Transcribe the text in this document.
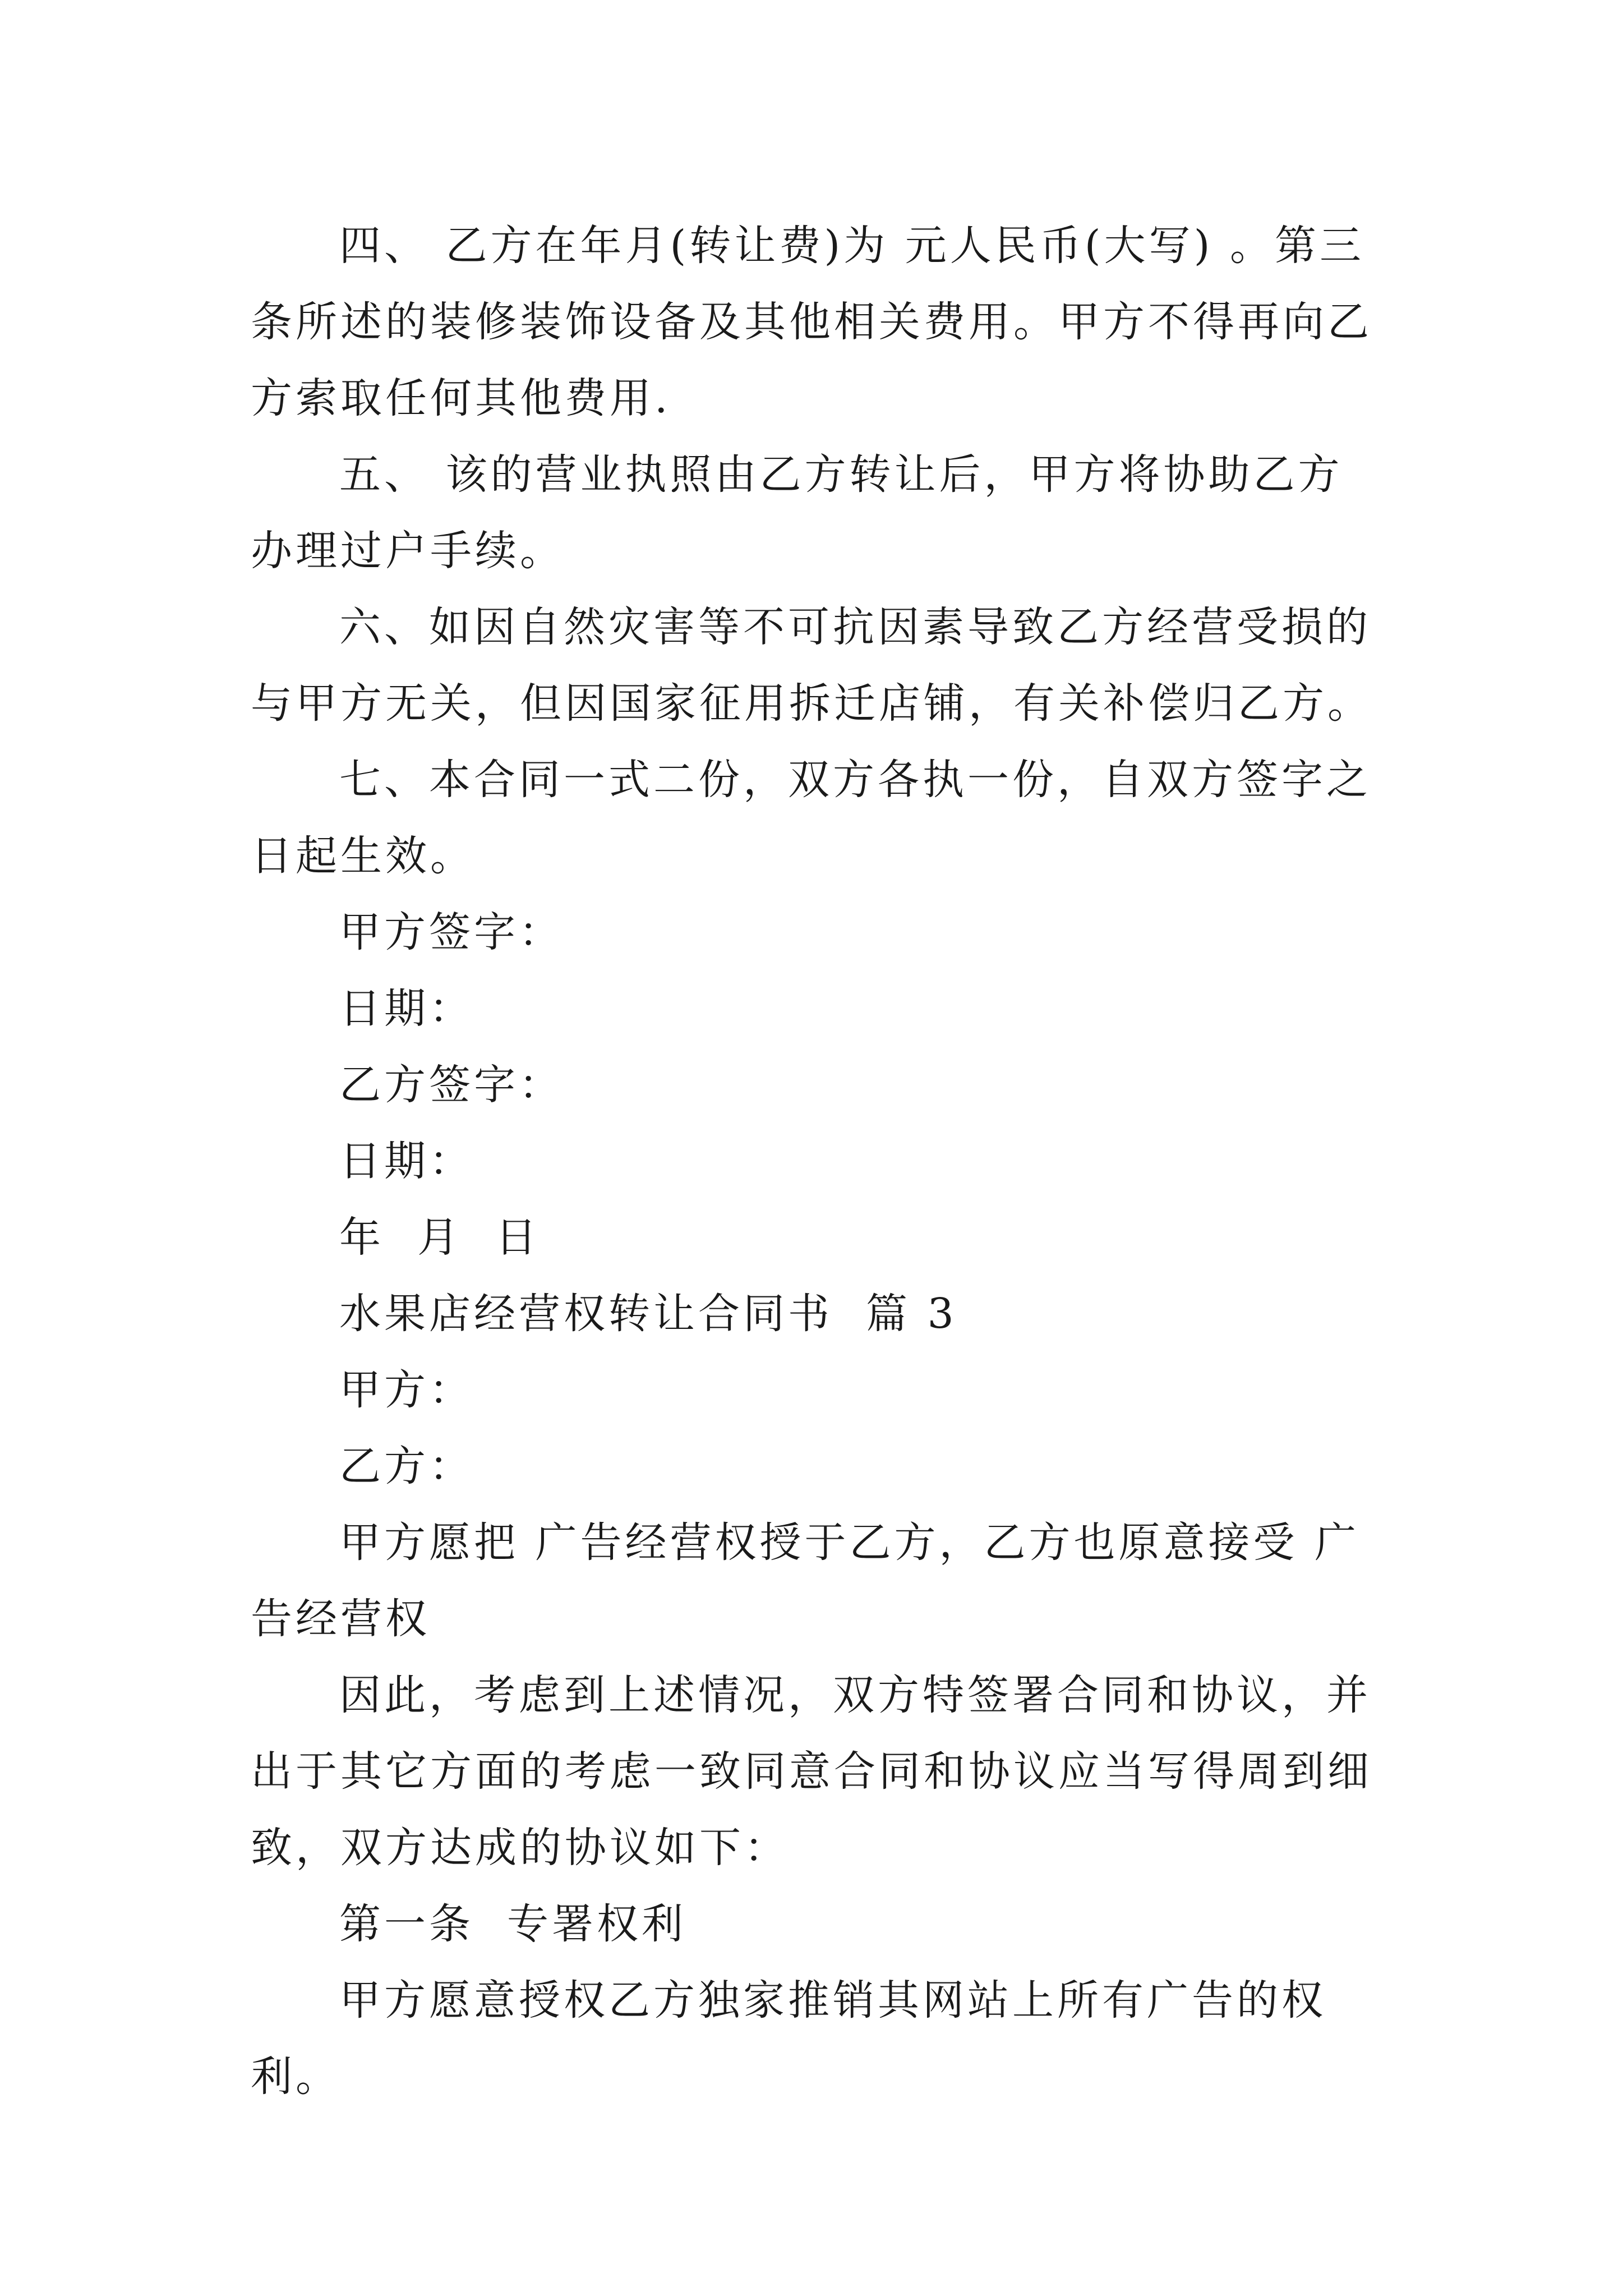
四、 乙方在年月(转让费)为 元人民币(大写) 。第三条所述的装修装饰设备及其他相关费用。甲方不得再向乙方索取任何其他费用.

五、 该的营业执照由乙方转让后，甲方将协助乙方办理过户手续。

六、如因自然灾害等不可抗因素导致乙方经营受损的与甲方无关，但因国家征用拆迁店铺，有关补偿归乙方。

七、本合同一式二份，双方各执一份，自双方签字之日起生效。

甲方签字：

日期：

乙方签字：

日期：

年  月  日

水果店经营权转让合同书  篇 3

甲方：

乙方：

甲方愿把 广告经营权授于乙方，乙方也原意接受 广告经营权

因此，考虑到上述情况，双方特签署合同和协议，并出于其它方面的考虑一致同意合同和协议应当写得周到细致，双方达成的协议如下：

第一条  专署权利

甲方愿意授权乙方独家推销其网站上所有广告的权利。
